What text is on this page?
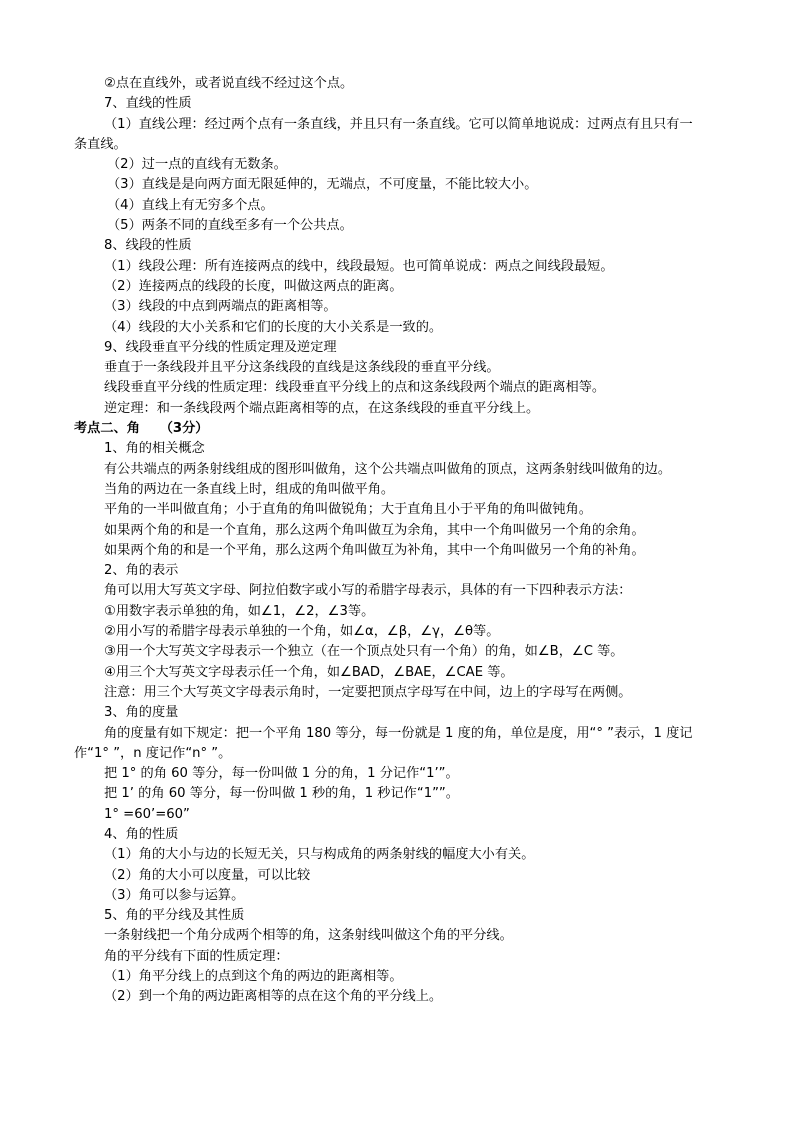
②点在直线外，或者说直线不经过这个点。
7、直线的性质
（1）直线公理：经过两个点有一条直线，并且只有一条直线。它可以简单地说成：过两点有且只有一
条直线。
（2）过一点的直线有无数条。
（3）直线是是向两方面无限延伸的，无端点，不可度量，不能比较大小。
（4）直线上有无穷多个点。
（5）两条不同的直线至多有一个公共点。
8、线段的性质
（1）线段公理：所有连接两点的线中，线段最短。也可简单说成：两点之间线段最短。
（2）连接两点的线段的长度，叫做这两点的距离。
（3）线段的中点到两端点的距离相等。
（4）线段的大小关系和它们的长度的大小关系是一致的。
9、线段垂直平分线的性质定理及逆定理
垂直于一条线段并且平分这条线段的直线是这条线段的垂直平分线。
线段垂直平分线的性质定理：线段垂直平分线上的点和这条线段两个端点的距离相等。
逆定理：和一条线段两个端点距离相等的点，在这条线段的垂直平分线上。
考点二、角　　（3分）
1、角的相关概念
有公共端点的两条射线组成的图形叫做角，这个公共端点叫做角的顶点，这两条射线叫做角的边。
当角的两边在一条直线上时，组成的角叫做平角。
平角的一半叫做直角；小于直角的角叫做锐角；大于直角且小于平角的角叫做钝角。
如果两个角的和是一个直角，那么这两个角叫做互为余角，其中一个角叫做另一个角的余角。
如果两个角的和是一个平角，那么这两个角叫做互为补角，其中一个角叫做另一个角的补角。
2、角的表示
角可以用大写英文字母、阿拉伯数字或小写的希腊字母表示，具体的有一下四种表示方法：
①用数字表示单独的角，如∠1，∠2，∠3等。
②用小写的希腊字母表示单独的一个角，如∠α，∠β，∠γ，∠θ等。
③用一个大写英文字母表示一个独立（在一个顶点处只有一个角）的角，如∠B，∠C 等。
④用三个大写英文字母表示任一个角，如∠BAD，∠BAE，∠CAE 等。
注意：用三个大写英文字母表示角时，一定要把顶点字母写在中间，边上的字母写在两侧。
3、角的度量
角的度量有如下规定：把一个平角 180 等分，每一份就是 1 度的角，单位是度，用“° ”表示，1 度记
作“1° ”，n 度记作“n° ”。
把 1° 的角 60 等分，每一份叫做 1 分的角，1 分记作“1’”。
把 1’ 的角 60 等分，每一份叫做 1 秒的角，1 秒记作“1””。
1° =60’=60”
4、角的性质
（1）角的大小与边的长短无关，只与构成角的两条射线的幅度大小有关。
（2）角的大小可以度量，可以比较
（3）角可以参与运算。
5、角的平分线及其性质
一条射线把一个角分成两个相等的角，这条射线叫做这个角的平分线。
角的平分线有下面的性质定理：
（1）角平分线上的点到这个角的两边的距离相等。
（2）到一个角的两边距离相等的点在这个角的平分线上。
